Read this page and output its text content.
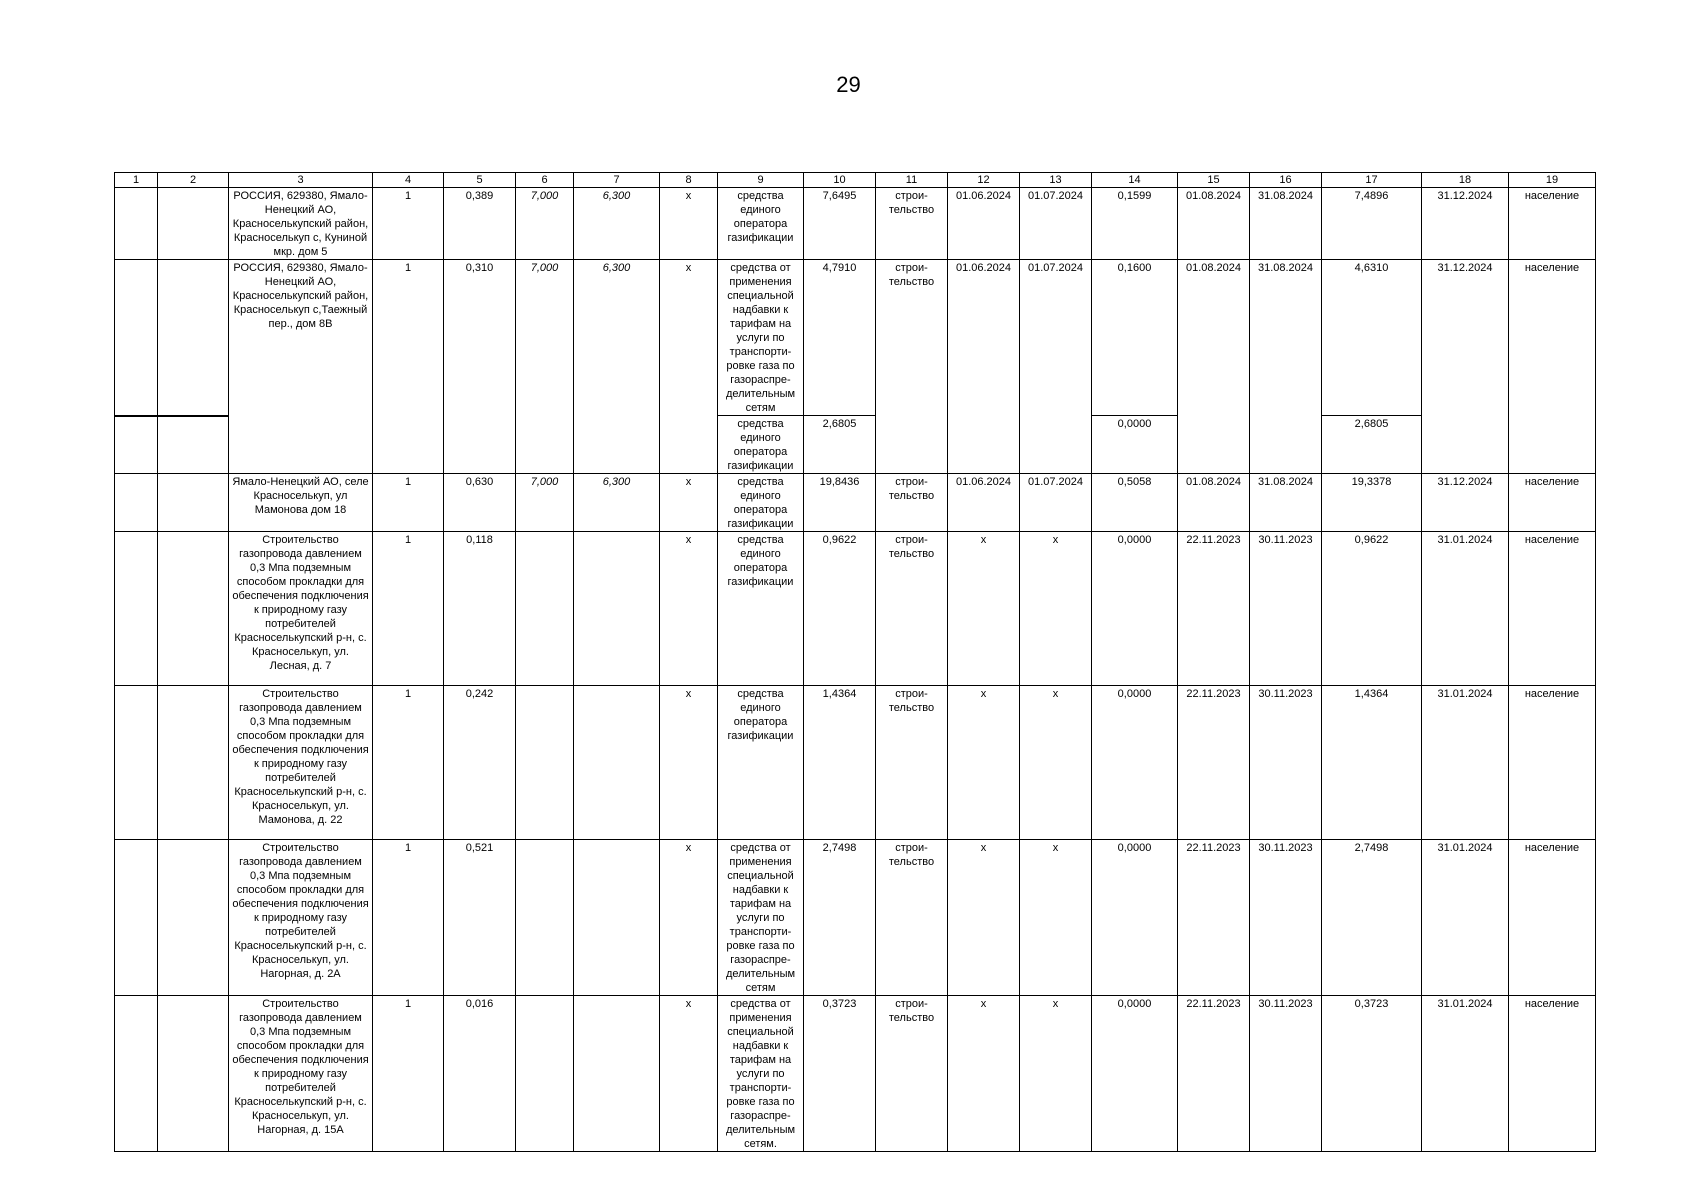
29
1	2	3	4	5	6	7	8	9	10	11	12	13	14	15	16	17	18	19
		РОССИЯ, 629380, Ямало-Ненецкий АО, Красноселькупский район, Красноселькуп с, Куниной мкр. дом 5	1	0,389	7,000	6,300	x	средства единого оператора газификации	7,6495	строи-тельство	01.06.2024	01.07.2024	0,1599	01.08.2024	31.08.2024	7,4896	31.12.2024	население
		РОССИЯ, 629380, Ямало-Ненецкий АО, Красноселькупский район, Красноселькуп с,Таежный пер., дом 8В	1	0,310	7,000	6,300	x	средства от применения специальной надбавки к тарифам на услуги по транспорти-ровке газа по газораспре-делительным сетям	4,7910	строи-тельство	01.06.2024	01.07.2024	0,1600	01.08.2024	31.08.2024	4,6310	31.12.2024	население
								средства единого оператора газификации	2,6805				0,0000			2,6805		
		Ямало-Ненецкий АО, селе Красноселькуп, ул Мамонова дом 18	1	0,630	7,000	6,300	x	средства единого оператора газификации	19,8436	строи-тельство	01.06.2024	01.07.2024	0,5058	01.08.2024	31.08.2024	19,3378	31.12.2024	население
		Строительство газопровода давлением 0,3 Мпа подземным способом прокладки для обеспечения подключения к природному газу потребителей Красноселькупский р-н, с. Красноселькуп, ул. Лесная, д. 7	1	0,118			x	средства единого оператора газификации	0,9622	строи-тельство	x	x	0,0000	22.11.2023	30.11.2023	0,9622	31.01.2024	население
		Строительство газопровода давлением 0,3 Мпа подземным способом прокладки для обеспечения подключения к природному газу потребителей Красноселькупский р-н, с. Красноселькуп, ул. Мамонова, д. 22	1	0,242			x	средства единого оператора газификации	1,4364	строи-тельство	x	x	0,0000	22.11.2023	30.11.2023	1,4364	31.01.2024	население
		Строительство газопровода давлением 0,3 Мпа подземным способом прокладки для обеспечения подключения к природному газу потребителей Красноселькупский р-н, с. Красноселькуп, ул. Нагорная, д. 2А	1	0,521			x	средства от применения специальной надбавки к тарифам на услуги по транспорти-ровке газа по газораспре-делительным сетям	2,7498	строи-тельство	x	x	0,0000	22.11.2023	30.11.2023	2,7498	31.01.2024	население
		Строительство газопровода давлением 0,3 Мпа подземным способом прокладки для обеспечения подключения к природному газу потребителей Красноселькупский р-н, с. Красноселькуп, ул. Нагорная, д. 15А	1	0,016			x	средства от применения специальной надбавки к тарифам на услуги по транспорти-ровке газа по газораспре-делительным сетям.	0,3723	строи-тельство	x	x	0,0000	22.11.2023	30.11.2023	0,3723	31.01.2024	население
